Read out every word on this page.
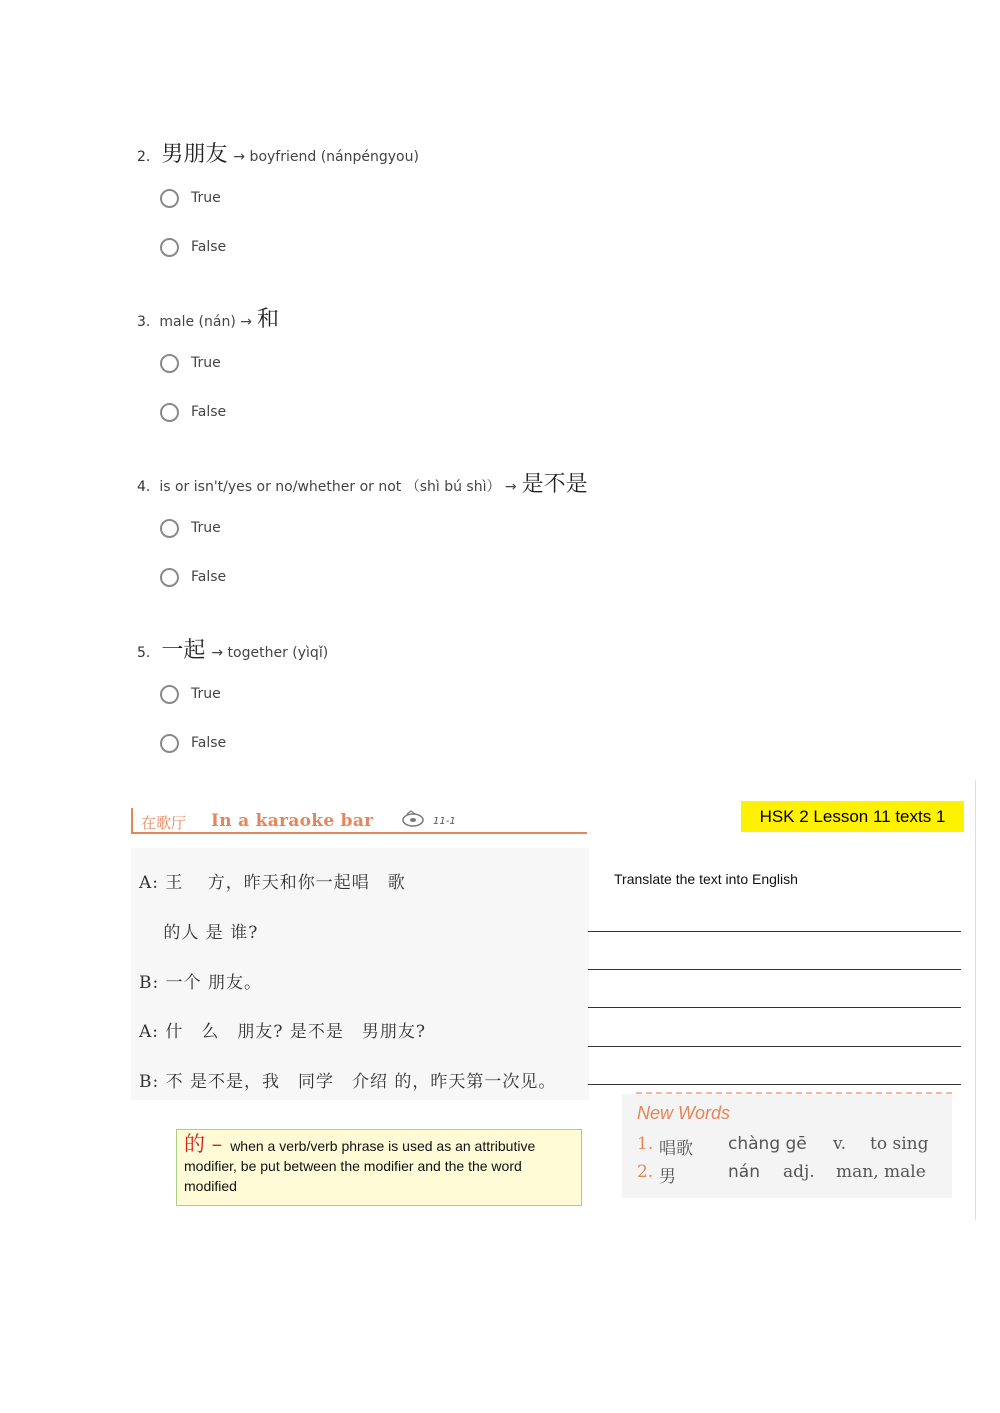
2. 男朋友 → boyfriend (nánpéngyou)
True
False
3. male (nán) → 和
True
False
4. is or isn't/yes or no/whether or not （shì bú shì） → 是不是
True
False
5. 一起 → together (yìqǐ)
True
False
在歌厅 In a karaoke bar	11-1
A: 王　 方，昨天和你一起唱　歌
　 的人 是 谁?
B: 一个 朋友。
A: 什　么　朋友? 是不是　男朋友?
B: 不 是不是，我　同学　介绍 的，昨天第一次见。
HSK 2 Lesson 11 texts 1
Translate the text into English
的 – when a verb/verb phrase is used as an attributive modifier, be put between the modifier and the the word modified
New Words
1. 唱歌 chàng gē v. to sing
2. 男	nán adj. man, male
